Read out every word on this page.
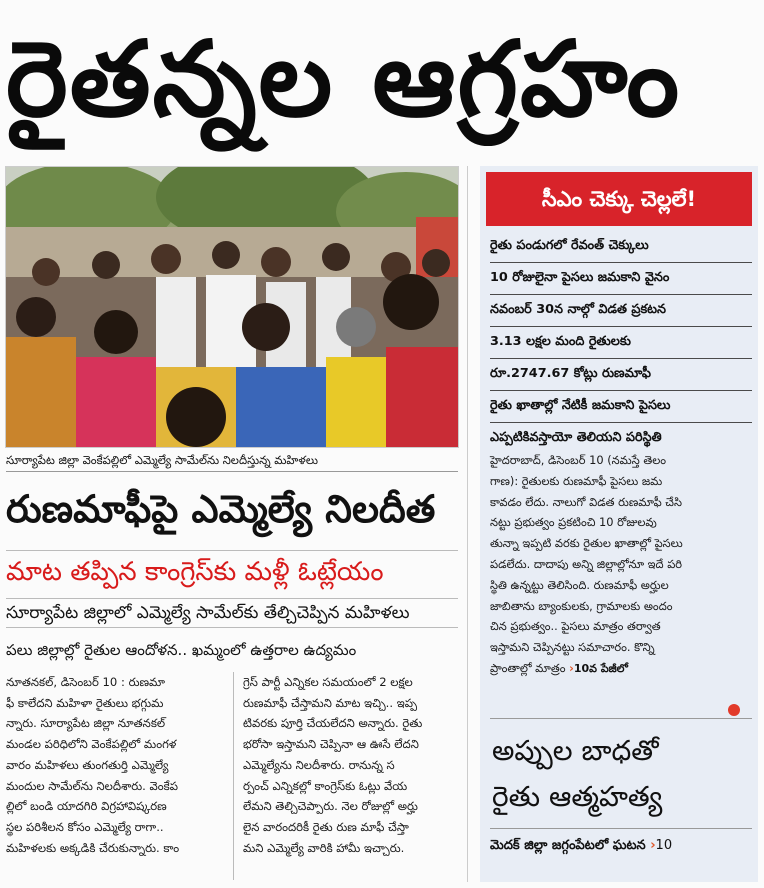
రైతన్నల ఆగ్రహం
సూర్యాపేట జిల్లా వెంకేపల్లిలో ఎమ్మెల్యే సామేల్‌ను నిలదీస్తున్న మహిళలు
రుణమాఫీపై ఎమ్మెల్యే నిలదీత
మాట తప్పిన కాంగ్రెస్‌కు మళ్లీ ఓట్లేయం
సూర్యాపేట జిల్లాలో ఎమ్మెల్యే సామేల్‌కు తేల్చిచెప్పిన మహిళలు
పలు జిల్లాల్లో రైతుల ఆందోళన.. ఖమ్మంలో ఉత్తరాల ఉద్యమం
నూతనకల్‌, డిసెంబర్‌ 10 : రుణమా
ఫీ కాలేదని మహిళా రైతులు భగ్గుమ
న్నారు. సూర్యాపేట జిల్లా నూతనకల్‌
మండల పరిధిలోని వెంకేపల్లిలో మంగళ
వారం మహిళలు తుంగతుర్తి ఎమ్మెల్యే
మందుల సామేల్‌ను నిలదీశారు. వెంకేప
ల్లిలో బండి యాదగిరి విగ్రహావిష్కరణ
స్థల పరిశీలన కోసం ఎమ్మెల్యే రాగా..
మహిళలకు అక్కడికి చేరుకున్నారు. కాం
గ్రెస్‌ పార్టీ ఎన్నికల సమయంలో 2 లక్షల
రుణమాఫీ చేస్తామని మాట ఇచ్చి.. ఇప్ప
టివరకు పూర్తి చేయలేదని అన్నారు. రైతు
భరోసా ఇస్తామని చెప్పినా ఆ ఊసే లేదని
ఎమ్మెల్యేను నిలదీశారు. రానున్న స
ర్పంచ్‌ ఎన్నికల్లో కాంగ్రెస్‌కు ఓట్లు వేయ
లేమని తెల్చిచెప్పారు. నెల రోజుల్లో అర్హు
లైన వారందరికీ రైతు రుణ మాఫీ చేస్తా
మని ఎమ్మెల్యే వారికి హామీ ఇచ్చారు.
సీఎం చెక్కు చెల్లలే!
రైతు పండుగలో రేవంత్‌ చెక్కులు
10 రోజులైనా పైసలు జమకాని వైనం
నవంబర్‌ 30న నాల్గో విడత ప్రకటన
3.13 లక్షల మంది రైతులకు
రూ.2747.67 కోట్లు రుణమాఫీ
రైతు ఖాతాల్లో నేటికీ జమకాని పైసలు
ఎప్పటికివస్తాయో తెలియని పరిస్థితి
హైదరాబాద్‌, డిసెంబర్‌ 10 (నమస్తే తెలం
గాణ): రైతులకు రుణమాఫీ పైసలు జమ
కావడం లేదు. నాలుగో విడత రుణమాఫీ చేసి
నట్టు ప్రభుత్వం ప్రకటించి 10 రోజులవు
తున్నా ఇప్పటి వరకు రైతుల ఖాతాల్లో పైసలు
పడలేదు. దాదాపు అన్ని జిల్లాల్లోనూ ఇదే పరి
స్థితి ఉన్నట్టు తెలిసింది. రుణమాఫీ అర్హుల
జాబితాను బ్యాంకులకు, గ్రామాలకు అందం
చిన ప్రభుత్వం.. పైసలు మాత్రం తర్వాత
ఇస్తామని చెప్పినట్టు సమాచారం. కొన్ని
ప్రాంతాల్లో మాత్రం ›10వ పేజీలో
అప్పుల బాధతో
రైతు ఆత్మహత్య
మెదక్‌ జిల్లా జగ్గంపేటలో ఘటన ›10
